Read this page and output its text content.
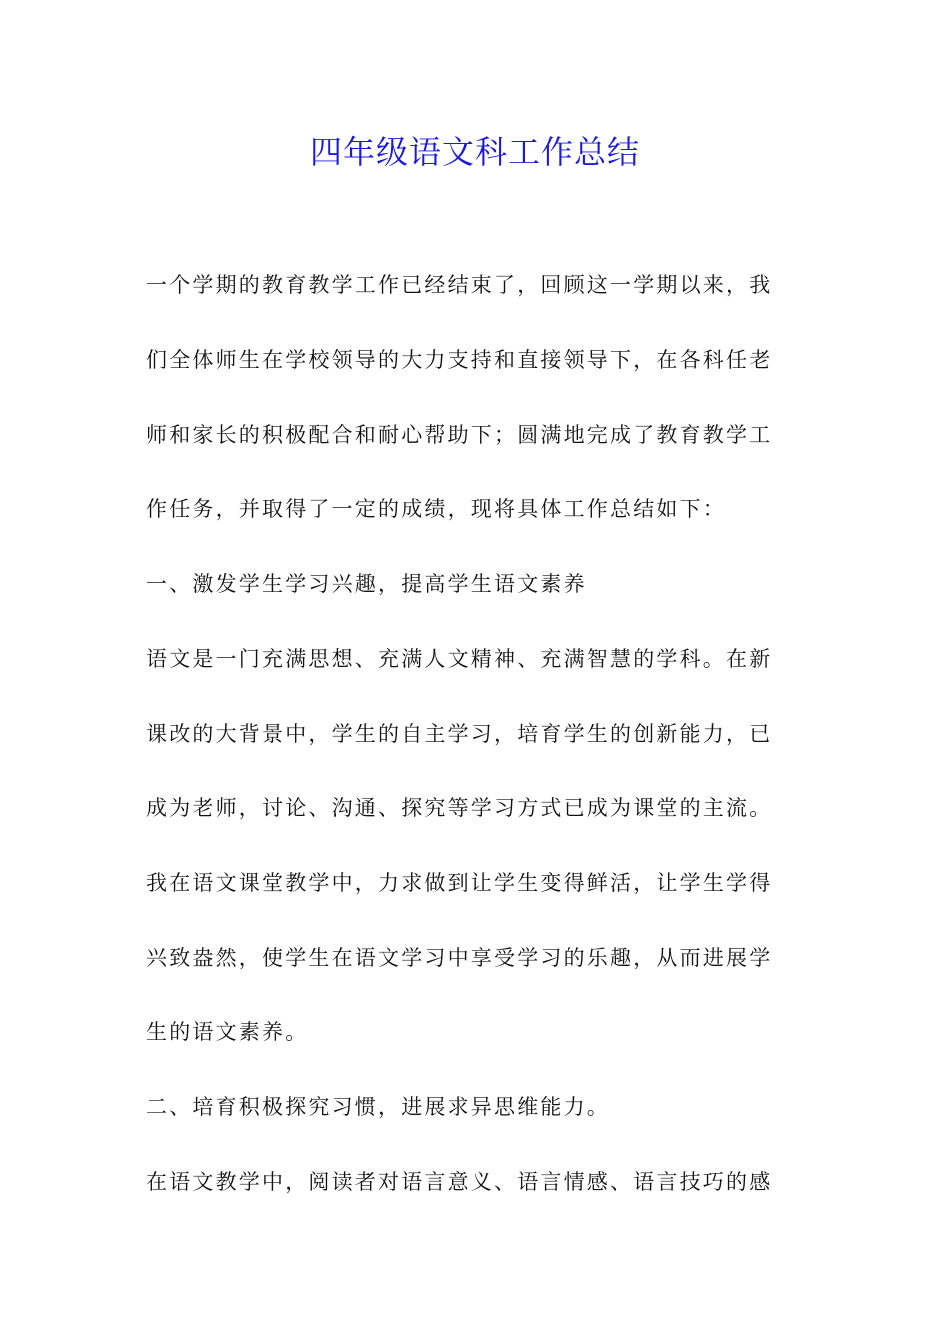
四年级语文科工作总结
一个学期的教育教学工作已经结束了，回顾这一学期以来，我
们全体师生在学校领导的大力支持和直接领导下，在各科任老
师和家长的积极配合和耐心帮助下；圆满地完成了教育教学工
作任务，并取得了一定的成绩，现将具体工作总结如下：
一、激发学生学习兴趣，提高学生语文素养
语文是一门充满思想、充满人文精神、充满智慧的学科。在新
课改的大背景中，学生的自主学习，培育学生的创新能力，已
成为老师，讨论、沟通、探究等学习方式已成为课堂的主流。
我在语文课堂教学中，力求做到让学生变得鲜活，让学生学得
兴致盎然，使学生在语文学习中享受学习的乐趣，从而进展学
生的语文素养。
二、培育积极探究习惯，进展求异思维能力。
在语文教学中，阅读者对语言意义、语言情感、语言技巧的感
